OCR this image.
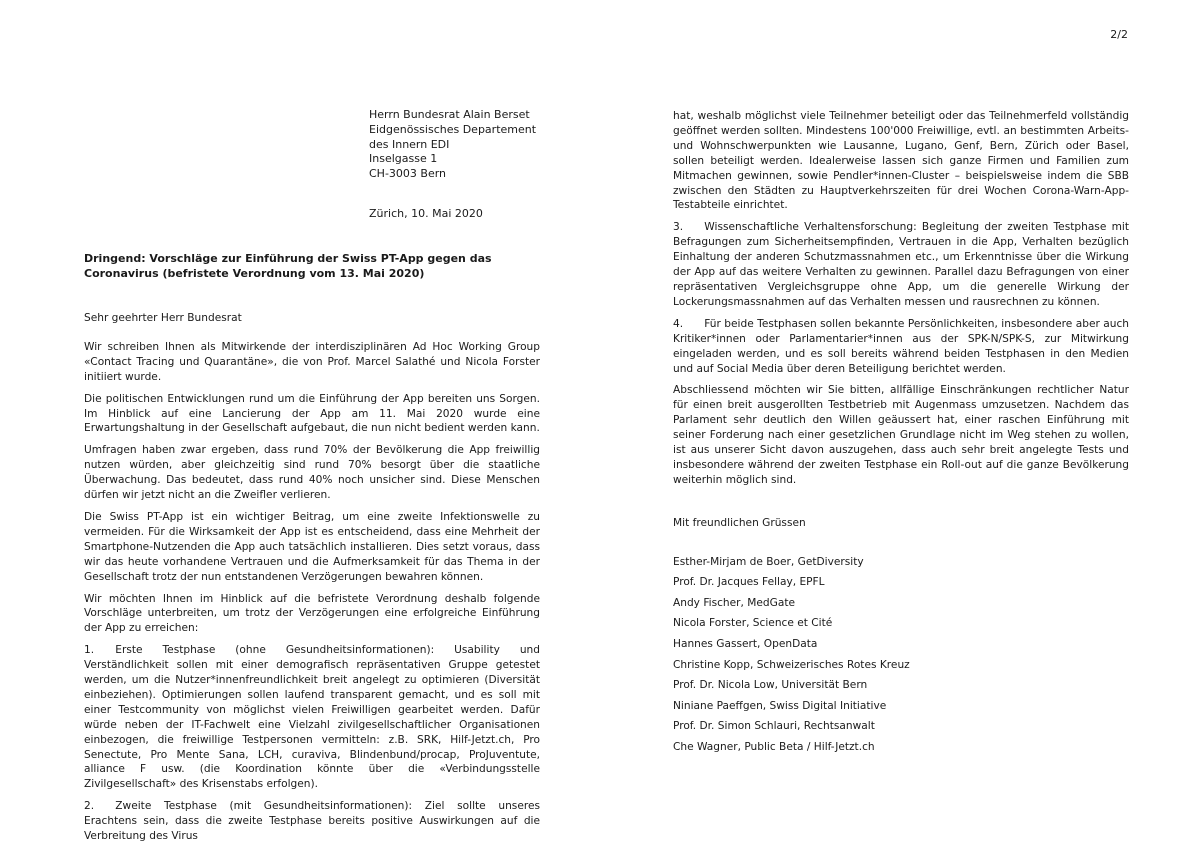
2/2
Herrn Bundesrat Alain Berset
Eidgenössisches Departement
des Innern EDI
Inselgasse 1
CH-3003 Bern
Zürich, 10. Mai 2020
Dringend: Vorschläge zur Einführung der Swiss PT-App gegen das Coronavirus (befristete Verordnung vom 13. Mai 2020)

Sehr geehrter Herr Bundesrat

Wir schreiben Ihnen als Mitwirkende der interdisziplinären Ad Hoc Working Group «Contact Tracing und Quarantäne», die von Prof. Marcel Salathé und Nicola Forster initiiert wurde.

Die politischen Entwicklungen rund um die Einführung der App bereiten uns Sorgen. Im Hinblick auf eine Lancierung der App am 11. Mai 2020 wurde eine Erwartungshaltung in der Gesellschaft aufgebaut, die nun nicht bedient werden kann.

Umfragen haben zwar ergeben, dass rund 70% der Bevölkerung die App freiwillig nutzen würden, aber gleichzeitig sind rund 70% besorgt über die staatliche Überwachung. Das bedeutet, dass rund 40% noch unsicher sind. Diese Menschen dürfen wir jetzt nicht an die Zweifler verlieren.

Die Swiss PT-App ist ein wichtiger Beitrag, um eine zweite Infektionswelle zu vermeiden. Für die Wirksamkeit der App ist es entscheidend, dass eine Mehrheit der Smartphone-Nutzenden die App auch tatsächlich installieren. Dies setzt voraus, dass wir das heute vorhandene Vertrauen und die Aufmerksamkeit für das Thema in der Gesellschaft trotz der nun entstandenen Verzögerungen bewahren können.

Wir möchten Ihnen im Hinblick auf die befristete Verordnung deshalb folgende Vorschläge unterbreiten, um trotz der Verzögerungen eine erfolgreiche Einführung der App zu erreichen:

1.  Erste Testphase (ohne Gesundheitsinformationen): Usability und Verständlichkeit sollen mit einer demografisch repräsentativen Gruppe getestet werden, um die Nutzer*innenfreundlichkeit breit angelegt zu optimieren (Diversität einbeziehen). Optimierungen sollen laufend transparent gemacht, und es soll mit einer Testcommunity von möglichst vielen Freiwilligen gearbeitet werden. Dafür würde neben der IT-Fachwelt eine Vielzahl zivilgesellschaftlicher Organisationen einbezogen, die freiwillige Testpersonen vermitteln: z.B. SRK, Hilf-Jetzt.ch, Pro Senectute, Pro Mente Sana, LCH, curaviva, Blindenbund/procap, ProJuventute, alliance F usw. (die Koordination könnte über die «Verbindungsstelle Zivilgesellschaft» des Krisenstabs erfolgen).

2.  Zweite Testphase (mit Gesundheitsinformationen): Ziel sollte unseres Erachtens sein, dass die zweite Testphase bereits positive Auswirkungen auf die Verbreitung des Virus

hat, weshalb möglichst viele Teilnehmer beteiligt oder das Teilnehmerfeld vollständig geöffnet werden sollten. Mindestens 100'000 Freiwillige, evtl. an bestimmten Arbeits- und Wohnschwerpunkten wie Lausanne, Lugano, Genf, Bern, Zürich oder Basel, sollen beteiligt werden. Idealerweise lassen sich ganze Firmen und Familien zum Mitmachen gewinnen, sowie Pendler*innen-Cluster – beispielsweise indem die SBB zwischen den Städten zu Hauptverkehrszeiten für drei Wochen Corona-Warn-App-Testabteile einrichtet.

3.  Wissenschaftliche Verhaltensforschung: Begleitung der zweiten Testphase mit Befragungen zum Sicherheitsempfinden, Vertrauen in die App, Verhalten bezüglich Einhaltung der anderen Schutzmassnahmen etc., um Erkenntnisse über die Wirkung der App auf das weitere Verhalten zu gewinnen. Parallel dazu Befragungen von einer repräsentativen Vergleichsgruppe ohne App, um die generelle Wirkung der Lockerungsmassnahmen auf das Verhalten messen und rausrechnen zu können.

4.  Für beide Testphasen sollen bekannte Persönlichkeiten, insbesondere aber auch Kritiker*innen oder Parlamentarier*innen aus der SPK-N/SPK-S, zur Mitwirkung eingeladen werden, und es soll bereits während beiden Testphasen in den Medien und auf Social Media über deren Beteiligung berichtet werden.

Abschliessend möchten wir Sie bitten, allfällige Einschränkungen rechtlicher Natur für einen breit ausgerollten Testbetrieb mit Augenmass umzusetzen. Nachdem das Parlament sehr deutlich den Willen geäussert hat, einer raschen Einführung mit seiner Forderung nach einer gesetzlichen Grundlage nicht im Weg stehen zu wollen, ist aus unserer Sicht davon auszugehen, dass auch sehr breit angelegte Tests und insbesondere während der zweiten Testphase ein Roll-out auf die ganze Bevölkerung weiterhin möglich sind.

Mit freundlichen Grüssen

Esther-Mirjam de Boer, GetDiversity
Prof. Dr. Jacques Fellay, EPFL
Andy Fischer, MedGate
Nicola Forster, Science et Cité
Hannes Gassert, OpenData
Christine Kopp, Schweizerisches Rotes Kreuz
Prof. Dr. Nicola Low, Universität Bern
Niniane Paeffgen, Swiss Digital Initiative
Prof. Dr. Simon Schlauri, Rechtsanwalt
Che Wagner, Public Beta / Hilf-Jetzt.ch
